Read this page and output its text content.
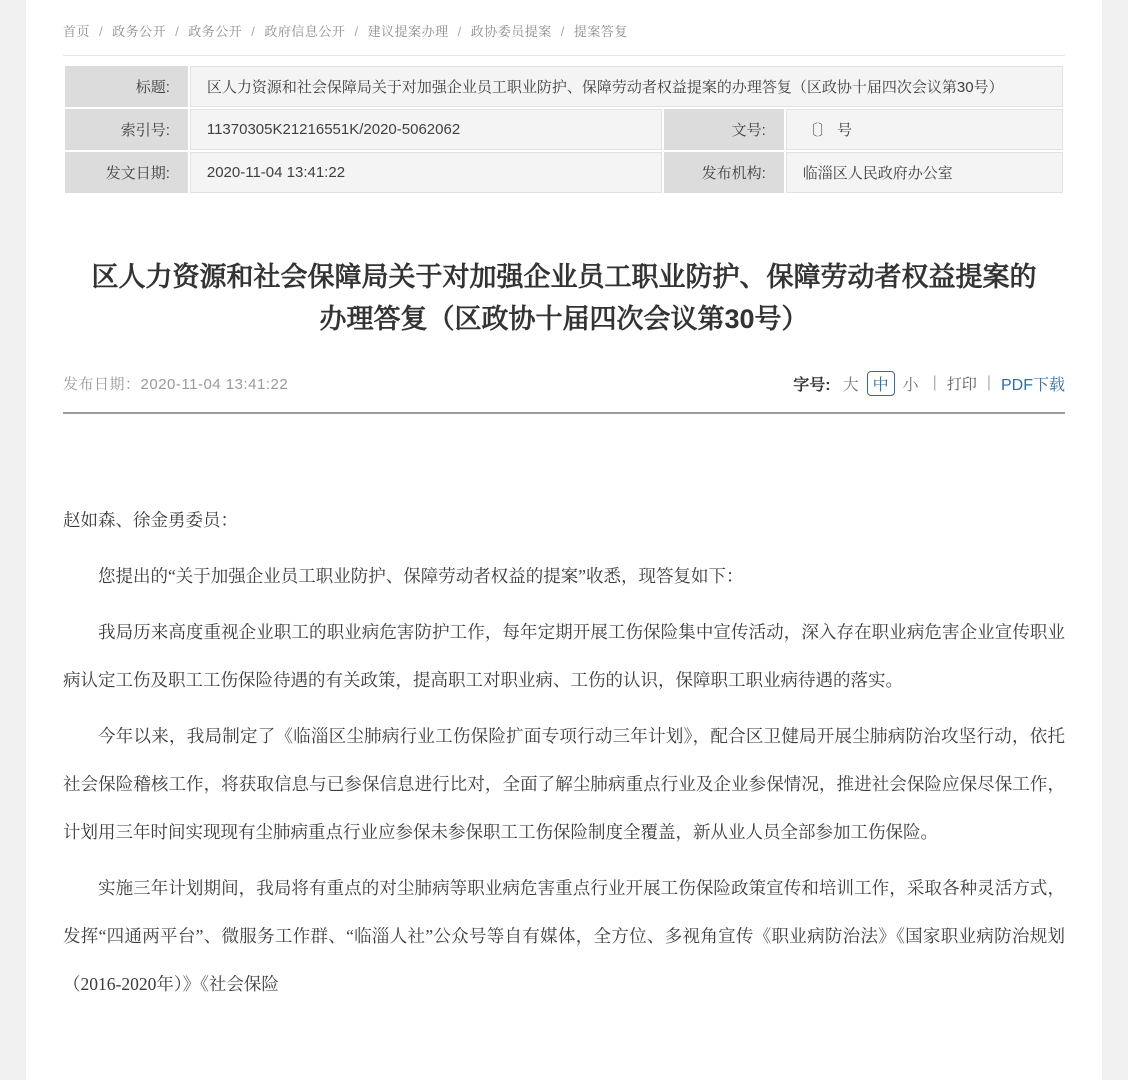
首页 / 政务公开 / 政务公开 / 政府信息公开 / 建议提案办理 / 政协委员提案 / 提案答复
标题:	区人力资源和社会保障局关于对加强企业员工职业防护、保障劳动者权益提案的办理答复（区政协十届四次会议第30号）		
索引号:	11370305K21216551K/2020-5062062	文号:	〔〕 号
发文日期:	2020-11-04 13:41:22	发布机构:	临淄区人民政府办公室
区人力资源和社会保障局关于对加强企业员工职业防护、保障劳动者权益提案的办理答复（区政协十届四次会议第30号）
发布日期：2020-11-04 13:41:22	字号: 大 中 小 | 打印 | PDF下载

赵如森、徐金勇委员：

您提出的“关于加强企业员工职业防护、保障劳动者权益的提案”收悉，现答复如下：

我局历来高度重视企业职工的职业病危害防护工作，每年定期开展工伤保险集中宣传活动，深入存在职业病危害企业宣传职业病认定工伤及职工工伤保险待遇的有关政策，提高职工对职业病、工伤的认识，保障职工职业病待遇的落实。

今年以来，我局制定了《临淄区尘肺病行业工伤保险扩面专项行动三年计划》，配合区卫健局开展尘肺病防治攻坚行动，依托社会保险稽核工作，将获取信息与已参保信息进行比对，全面了解尘肺病重点行业及企业参保情况，推进社会保险应保尽保工作，计划用三年时间实现现有尘肺病重点行业应参保未参保职工工伤保险制度全覆盖，新从业人员全部参加工伤保险。

实施三年计划期间，我局将有重点的对尘肺病等职业病危害重点行业开展工伤保险政策宣传和培训工作，采取各种灵活方式，发挥“四通两平台”、微服务工作群、“临淄人社”公众号等自有媒体，全方位、多视角宣传《职业病防治法》《国家职业病防治规划（2016-2020年）》《社会保险
